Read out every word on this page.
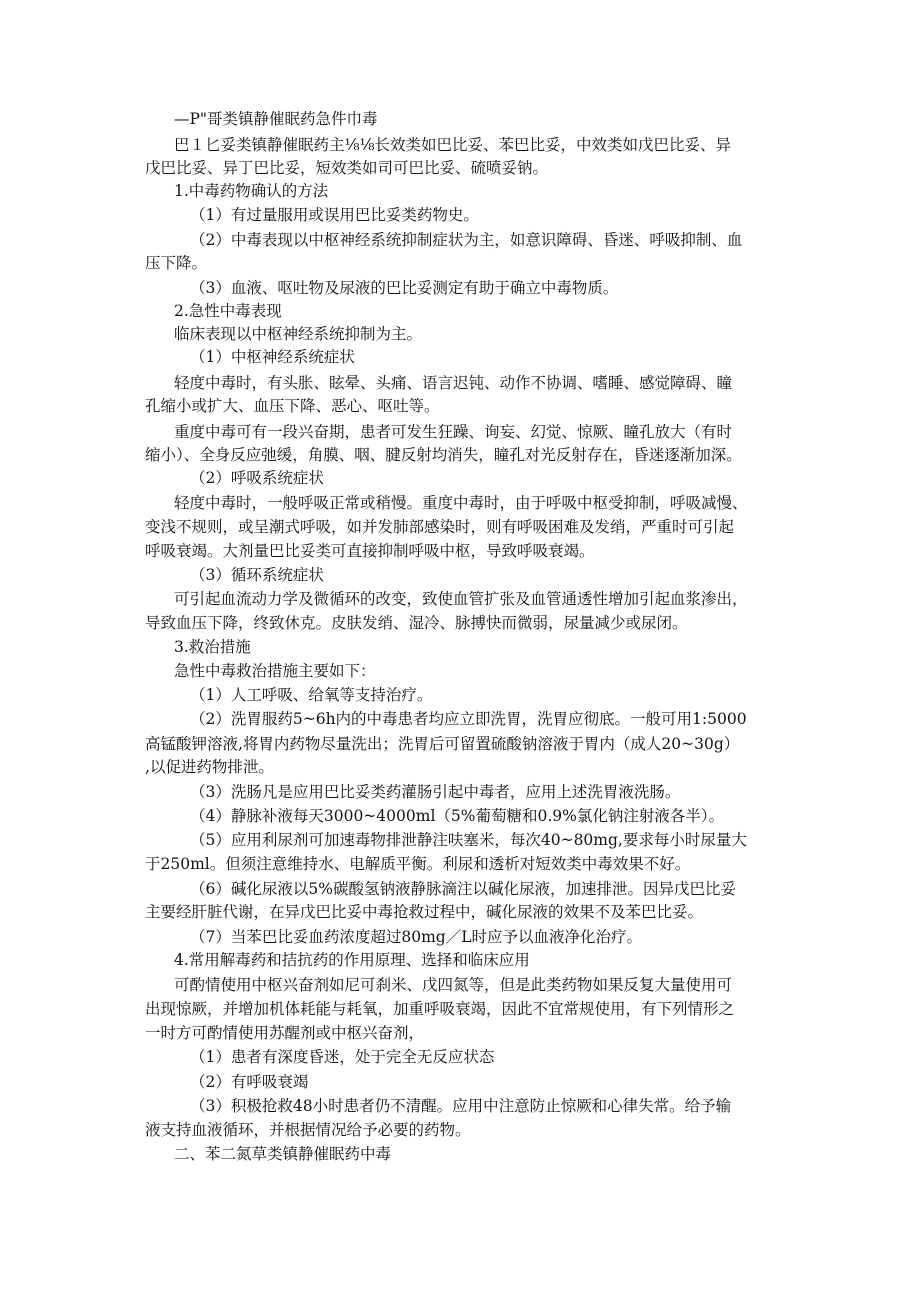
—P"哥类镇静催眠药急件巾毒
巴１匕妥类镇静催眠药主⅛⅛长效类如巴比妥、苯巴比妥，中效类如戊巴比妥、异
戊巴比妥、异丁巴比妥，短效类如司可巴比妥、硫喷妥钠。
1.中毒药物确认的方法
（1）有过量服用或误用巴比妥类药物史。
（2）中毒表现以中枢神经系统抑制症状为主，如意识障碍、昏迷、呼吸抑制、血
压下降。
（3）血液、呕吐物及尿液的巴比妥测定有助于确立中毒物质。
2.急性中毒表现
临床表现以中枢神经系统抑制为主。
（1）中枢神经系统症状
轻度中毒时，有头胀、眩晕、头痛、语言迟钝、动作不协调、嗜睡、感觉障碍、瞳
孔缩小或扩大、血压下降、恶心、呕吐等。
重度中毒可有一段兴奋期，患者可发生狂躁、询妄、幻觉、惊厥、瞳孔放大（有时
缩小）、全身反应弛缓，角膜、咽、腱反射均消失，瞳孔对光反射存在，昏迷逐渐加深。
（2）呼吸系统症状
轻度中毒时，一般呼吸正常或稍慢。重度中毒时，由于呼吸中枢受抑制，呼吸减慢、
变浅不规则，或呈潮式呼吸，如并发肺部感染时，则有呼吸困难及发绡，严重时可引起
呼吸衰竭。大剂量巴比妥类可直接抑制呼吸中枢，导致呼吸衰竭。
（3）循环系统症状
可引起血流动力学及微循环的改变，致使血管扩张及血管通透性增加引起血浆渗出，
导致血压下降，终致休克。皮肤发绡、湿冷、脉搏快而微弱，尿量减少或尿闭。
3.救治措施
急性中毒救治措施主要如下：
（1）人工呼吸、给氧等支持治疗。
（2）洗胃服药5~6h内的中毒患者均应立即洗胃，洗胃应彻底。一般可用1:5000
高锰酸钾溶液,将胃内药物尽量洗出；洗胃后可留置硫酸钠溶液于胃内（成人20~30g）
,以促进药物排泄。
（3）洗肠凡是应用巴比妥类药灌肠引起中毒者，应用上述洗胃液洗肠。
（4）静脉补液每天3000~4000ml（5%葡萄糖和0.9%氯化钠注射液各半）。
（5）应用利尿剂可加速毒物排泄静注呋塞米，每次40~80mg,要求每小时尿量大
于250ml。但须注意维持水、电解质平衡。利尿和透析对短效类中毒效果不好。
（6）碱化尿液以5%碳酸氢钠液静脉滴注以碱化尿液，加速排泄。因异戊巴比妥
主要经肝脏代谢，在异戊巴比妥中毒抢救过程中，碱化尿液的效果不及苯巴比妥。
（7）当苯巴比妥血药浓度超过80mg／L时应予以血液净化治疗。
4.常用解毒药和拮抗药的作用原理、选择和临床应用
可酌情使用中枢兴奋剂如尼可刹米、戊四氮等，但是此类药物如果反复大量使用可
出现惊厥，并增加机体耗能与耗氧，加重呼吸衰竭，因此不宜常规使用，有下列情形之
一时方可酌情使用苏醒剂或中枢兴奋剂，
（1）患者有深度昏迷，处于完全无反应状态
（2）有呼吸衰竭
（3）积极抢救48小时患者仍不清醒。应用中注意防止惊厥和心律失常。给予输
液支持血液循环，并根据情况给予必要的药物。
二、苯二氮草类镇静催眠药中毒
